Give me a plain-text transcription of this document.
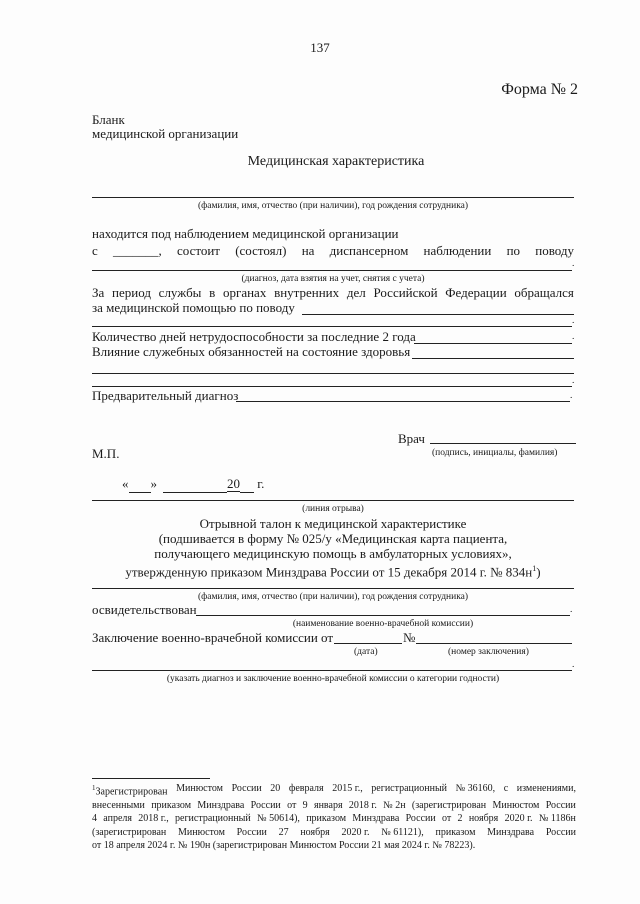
137
Форма № 2
Бланк
медицинской организации
Медицинская характеристика
(фамилия, имя, отчество (при наличии), год рождения сотрудника)
находится под наблюдением медицинской организации
с _______, состоит (состоял) на диспансерном наблюдении по поводу
.
(диагноз, дата взятия на учет, снятия с учета)
За период службы в органах внутренних дел Российской Федерации обращался
за медицинской помощью по поводу
.
Количество дней нетрудоспособности за последние 2 года	.
Влияние служебных обязанностей на состояние здоровья
.
Предварительный диагноз	.
Врач
М.П.	(подпись, инициалы, фамилия)
« »	20 г.
(линия отрыва)
Отрывной талон к медицинской характеристике
(подшивается в форму № 025/у «Медицинская карта пациента,
получающего медицинскую помощь в амбулаторных условиях»,
утвержденную приказом Минздрава России от 15 декабря 2014 г. № $834н^1$)
(фамилия, имя, отчество (при наличии), год рождения сотрудника)
освидетельствован	.
(наименование военно-врачебной комиссии)
Заключение военно-врачебной комиссии от	№
(дата)	(номер заключения)
.
(указать диагноз и заключение военно-врачебной комиссии о категории годности)
$^1$Зарегистрирован Минюстом России 20 февраля 2015 г., регистрационный № 36160, с изменениями,
внесенными приказом Минздрава России от 9 января 2018 г. № 2н (зарегистрирован Минюстом России
4 апреля 2018 г., регистрационный № 50614), приказом Минздрава России от 2 ноября 2020 г. № 1186н
(зарегистрирован Минюстом России 27 ноября 2020 г. № 61121), приказом Минздрава России
от 18 апреля 2024 г. № 190н (зарегистрирован Минюстом России 21 мая 2024 г. № 78223).
